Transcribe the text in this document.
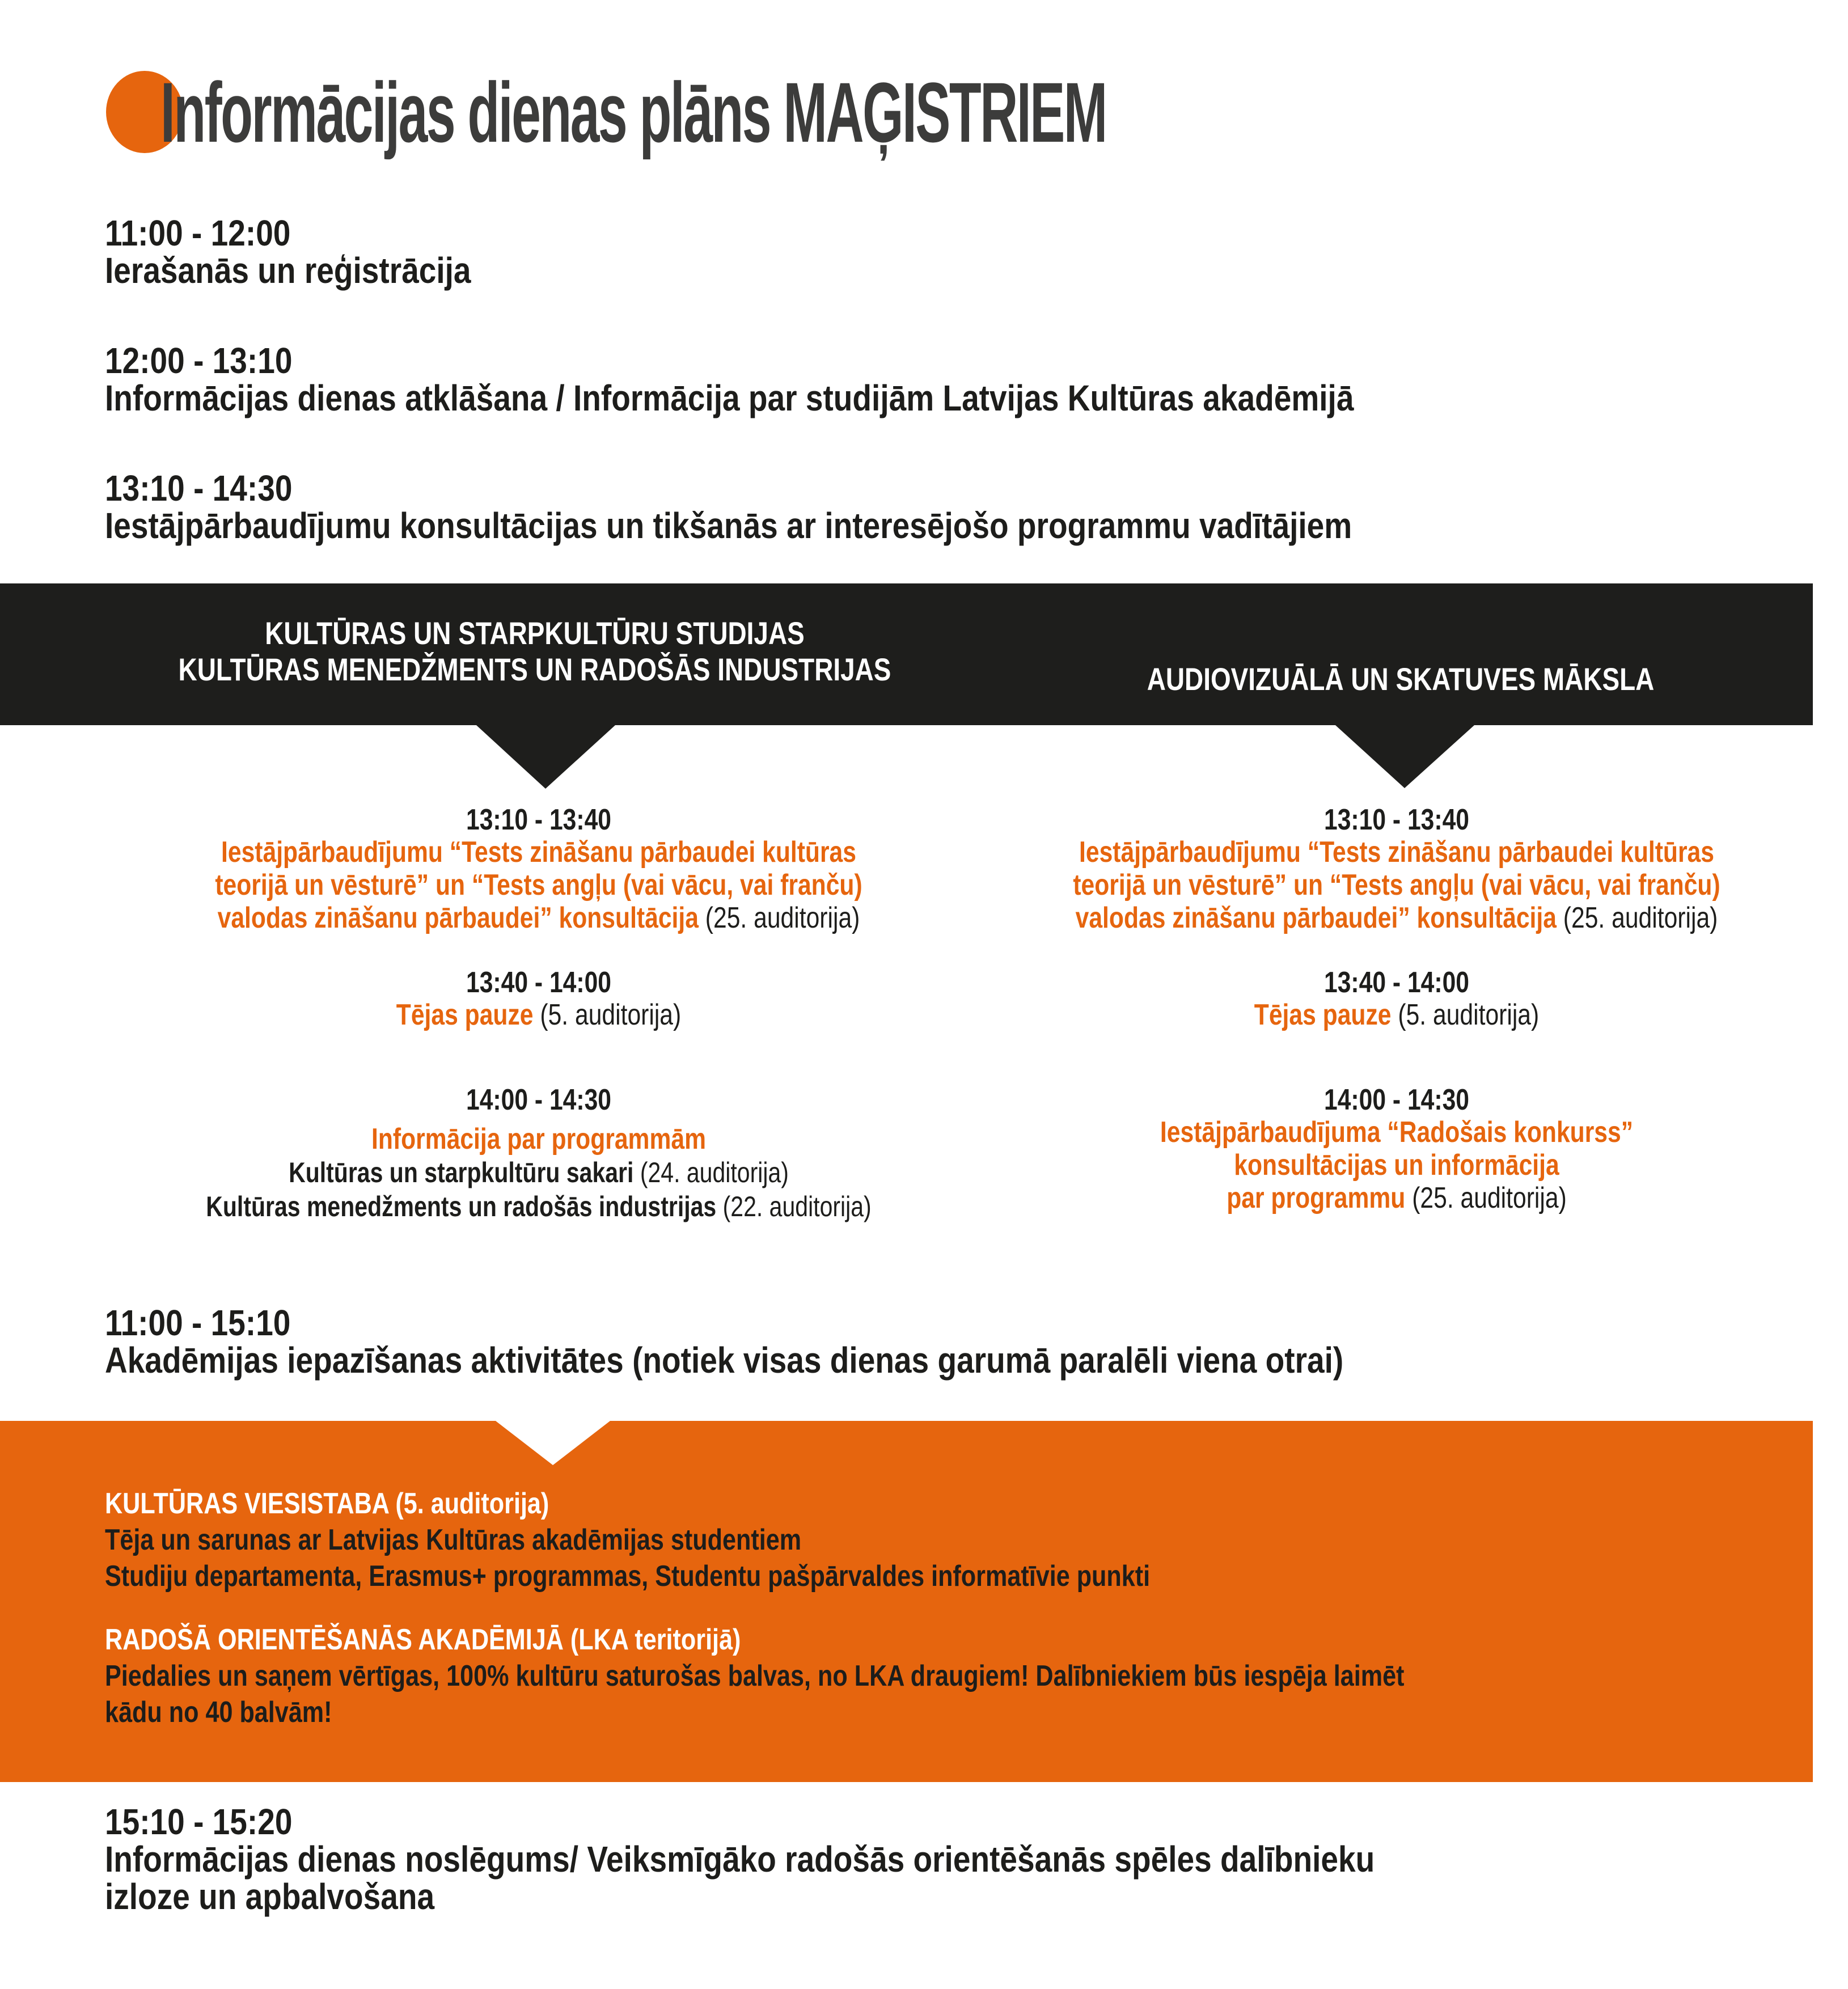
Informācijas dienas plāns MAĢISTRIEM
11:00 - 12:00
Ierašanās un reģistrācija
12:00 - 13:10
Informācijas dienas atklāšana / Informācija par studijām Latvijas Kultūras akadēmijā
13:10 - 14:30
Iestājpārbaudījumu konsultācijas un tikšanās ar interesējošo programmu vadītājiem
KULTŪRAS UN STARPKULTŪRU STUDIJAS
KULTŪRAS MENEDŽMENTS UN RADOŠĀS INDUSTRIJAS	AUDIOVIZUĀLĀ UN SKATUVES MĀKSLA
13:10 - 13:40
Iestājpārbaudījumu “Tests zināšanu pārbaudei kultūras
teorijā un vēsturē” un “Tests angļu (vai vācu, vai franču)
valodas zināšanu pārbaudei” konsultācija (25. auditorija)
13:40 - 14:00
Tējas pauze (5. auditorija)
14:00 - 14:30
Informācija par programmām
Kultūras un starpkultūru sakari (24. auditorija)
Kultūras menedžments un radošās industrijas (22. auditorija)
13:10 - 13:40
Iestājpārbaudījumu “Tests zināšanu pārbaudei kultūras
teorijā un vēsturē” un “Tests angļu (vai vācu, vai franču)
valodas zināšanu pārbaudei” konsultācija (25. auditorija)
13:40 - 14:00
Tējas pauze (5. auditorija)
14:00 - 14:30
Iestājpārbaudījuma “Radošais konkurss”
konsultācijas un informācija
par programmu (25. auditorija)
11:00 - 15:10
Akadēmijas iepazīšanas aktivitātes (notiek visas dienas garumā paralēli viena otrai)
KULTŪRAS VIESISTABA (5. auditorija)
Tēja un sarunas ar Latvijas Kultūras akadēmijas studentiem
Studiju departamenta, Erasmus+ programmas, Studentu pašpārvaldes informatīvie punkti
RADOŠĀ ORIENTĒŠANĀS AKADĒMIJĀ (LKA teritorijā)
Piedalies un saņem vērtīgas, 100% kultūru saturošas balvas, no LKA draugiem! Dalībniekiem būs iespēja laimēt
kādu no 40 balvām!
15:10 - 15:20
Informācijas dienas noslēgums/ Veiksmīgāko radošās orientēšanās spēles dalībnieku
izloze un apbalvošana
